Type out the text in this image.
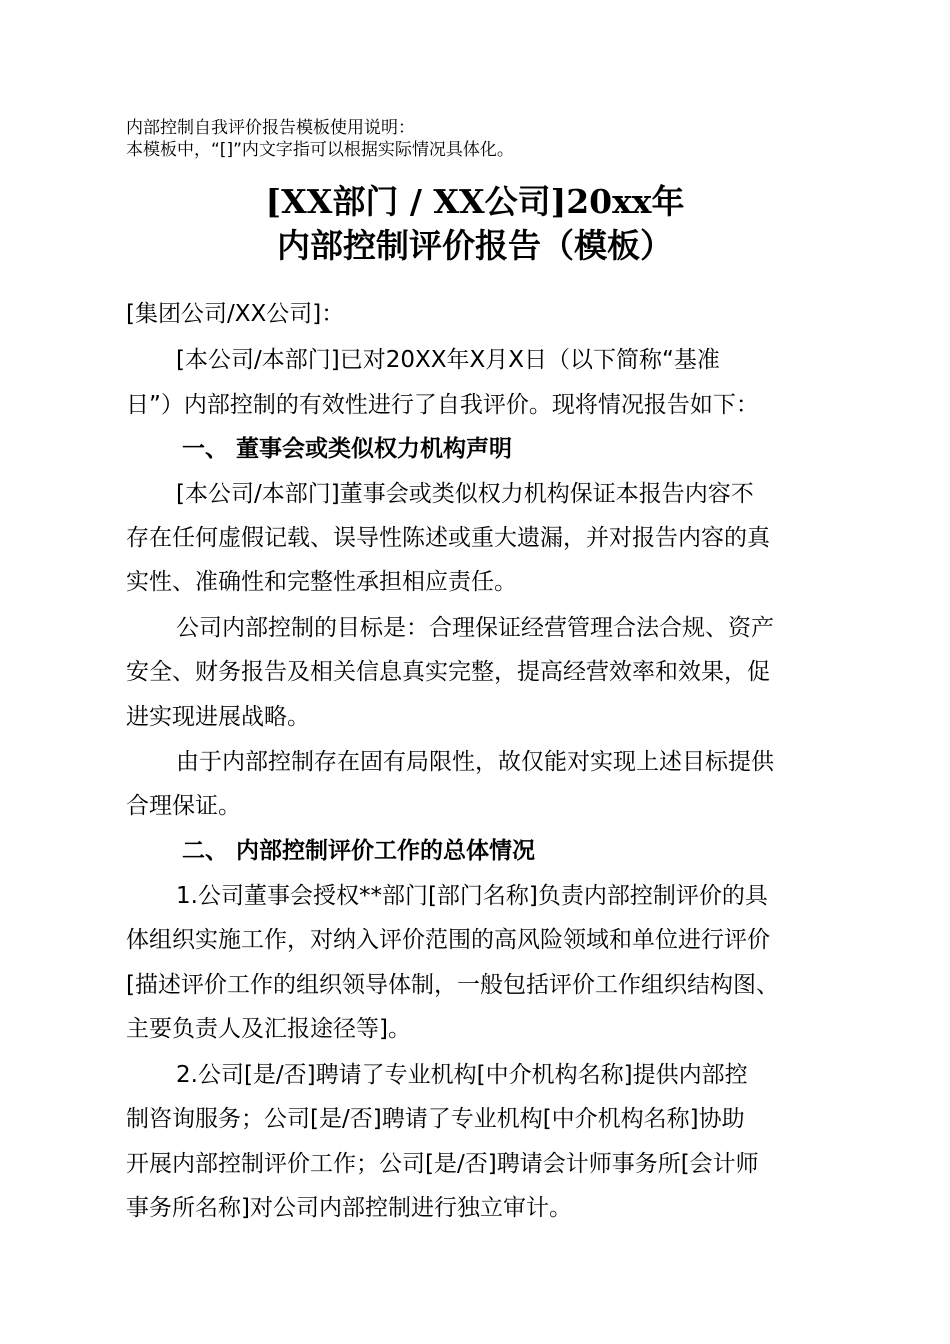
内部控制自我评价报告模板使用说明：
本模板中，“[]”内文字指可以根据实际情况具体化。
[XX部门 / XX公司]20xx年
内部控制评价报告（模板）
[集团公司/XX公司]：
[本公司/本部门]已对20XX年X月X日（以下简称“基准
日”）内部控制的有效性进行了自我评价。现将情况报告如下：
一、 董事会或类似权力机构声明
[本公司/本部门]董事会或类似权力机构保证本报告内容不
存在任何虚假记载、误导性陈述或重大遗漏，并对报告内容的真
实性、准确性和完整性承担相应责任。
公司内部控制的目标是：合理保证经营管理合法合规、资产
安全、财务报告及相关信息真实完整，提高经营效率和效果，促
进实现进展战略。
由于内部控制存在固有局限性，故仅能对实现上述目标提供
合理保证。
二、 内部控制评价工作的总体情况
1.公司董事会授权**部门[部门名称]负责内部控制评价的具
体组织实施工作，对纳入评价范围的高风险领域和单位进行评价
[描述评价工作的组织领导体制，一般包括评价工作组织结构图、
主要负责人及汇报途径等]。
2.公司[是/否]聘请了专业机构[中介机构名称]提供内部控
制咨询服务；公司[是/否]聘请了专业机构[中介机构名称]协助
开展内部控制评价工作；公司[是/否]聘请会计师事务所[会计师
事务所名称]对公司内部控制进行独立审计。
